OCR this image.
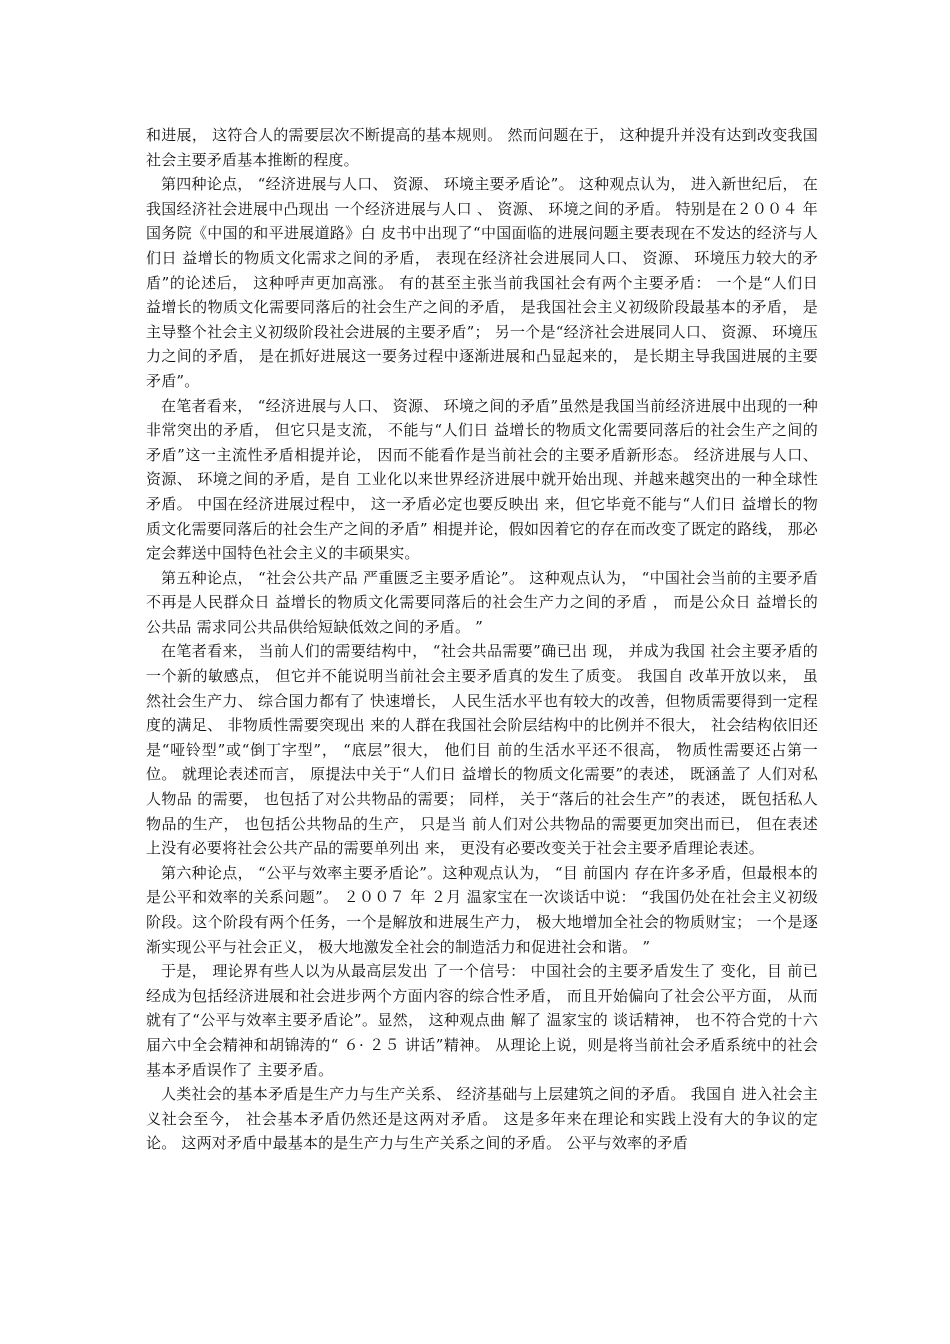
和进展， 这符合人的需要层次不断提高的基本规则。 然而问题在于， 这种提升并没有达到改变我国社会主要矛盾基本推断的程度。

第四种论点， “经济进展与人口、 资源、 环境主要矛盾论”。 这种观点认为， 进入新世纪后， 在我国经济社会进展中凸现出 一个经济进展与人口 、 资源、 环境之间的矛盾。 特别是在２００４ 年国务院《中国的和平进展道路》白 皮书中出现了“中国面临的进展问题主要表现在不发达的经济与人们日 益增长的物质文化需求之间的矛盾， 表现在经济社会进展同人口、 资源、 环境压力较大的矛盾”的论述后， 这种呼声更加高涨。 有的甚至主张当前我国社会有两个主要矛盾： 一个是“人们日 益增长的物质文化需要同落后的社会生产之间的矛盾， 是我国社会主义初级阶段最基本的矛盾， 是主导整个社会主义初级阶段社会进展的主要矛盾”； 另一个是“经济社会进展同人口、 资源、 环境压力之间的矛盾， 是在抓好进展这一要务过程中逐渐进展和凸显起来的， 是长期主导我国进展的主要矛盾”。

在笔者看来， “经济进展与人口、 资源、 环境之间的矛盾”虽然是我国当前经济进展中出现的一种非常突出的矛盾， 但它只是支流， 不能与“人们日 益增长的物质文化需要同落后的社会生产之间的矛盾”这一主流性矛盾相提并论， 因而不能看作是当前社会的主要矛盾新形态。 经济进展与人口、 资源、 环境之间的矛盾，是自 工业化以来世界经济进展中就开始出现、并越来越突出的一种全球性矛盾。 中国在经济进展过程中， 这一矛盾必定也要反映出 来，但它毕竟不能与“人们日 益增长的物质文化需要同落后的社会生产之间的矛盾” 相提并论，假如因着它的存在而改变了既定的路线， 那必定会葬送中国特色社会主义的丰硕果实。

第五种论点， “社会公共产品 严重匮乏主要矛盾论”。 这种观点认为， “中国社会当前的主要矛盾不再是人民群众日 益增长的物质文化需要同落后的社会生产力之间的矛盾 ， 而是公众日 益增长的公共品 需求同公共品供给短缺低效之间的矛盾。 ”

在笔者看来， 当前人们的需要结构中， “社会共品需要”确已出 现， 并成为我国 社会主要矛盾的一个新的敏感点， 但它并不能说明当前社会主要矛盾真的发生了质变。 我国自 改革开放以来， 虽然社会生产力、 综合国力都有了 快速增长， 人民生活水平也有较大的改善，但物质需要得到一定程度的满足、 非物质性需要突现出 来的人群在我国社会阶层结构中的比例并不很大， 社会结构依旧还是“哑铃型”或“倒丁字型”， “底层”很大， 他们目 前的生活水平还不很高， 物质性需要还占第一位。 就理论表述而言， 原提法中关于“人们日 益增长的物质文化需要”的表述， 既涵盖了 人们对私人物品 的需要， 也包括了对公共物品的需要； 同样， 关于“落后的社会生产”的表述， 既包括私人物品的生产， 也包括公共物品的生产， 只是当 前人们对公共物品的需要更加突出而已， 但在表述上没有必要将社会公共产品的需要单列出 来， 更没有必要改变关于社会主要矛盾理论表述。

第六种论点， “公平与效率主要矛盾论”。这种观点认为， “目 前国内 存在许多矛盾，但最根本的是公平和效率的关系问题”。 ２００７ 年 ２月 温家宝在一次谈话中说： “我国仍处在社会主义初级阶段。这个阶段有两个任务，一个是解放和进展生产力， 极大地增加全社会的物质财宝； 一个是逐渐实现公平与社会正义， 极大地激发全社会的制造活力和促进社会和谐。 ”

于是， 理论界有些人以为从最高层发出 了一个信号： 中国社会的主要矛盾发生了 变化，目 前已经成为包括经济进展和社会进步两个方面内容的综合性矛盾， 而且开始偏向了社会公平方面， 从而就有了“公平与效率主要矛盾论”。显然， 这种观点曲 解了 温家宝的 谈话精神， 也不符合党的十六届六中全会精神和胡锦涛的“ ６· ２５ 讲话”精神。 从理论上说，则是将当前社会矛盾系统中的社会基本矛盾误作了 主要矛盾。

人类社会的基本矛盾是生产力与生产关系、 经济基础与上层建筑之间的矛盾。 我国自 进入社会主义社会至今， 社会基本矛盾仍然还是这两对矛盾。 这是多年来在理论和实践上没有大的争议的定论。 这两对矛盾中最基本的是生产力与生产关系之间的矛盾。 公平与效率的矛盾
